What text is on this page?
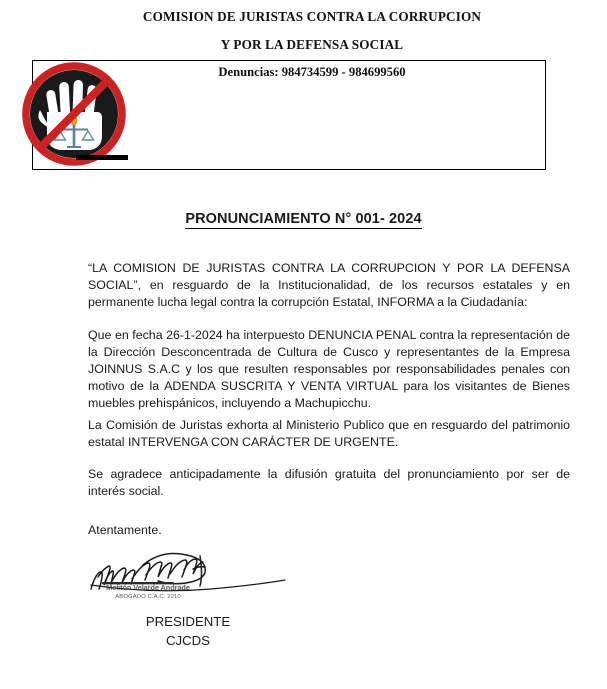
COMISION DE JURISTAS CONTRA LA CORRUPCION
Y POR LA DEFENSA SOCIAL
Denuncias: 984734599 - 984699560
PRONUNCIAMIENTO N° 001- 2024

“LA COMISION DE JURISTAS CONTRA LA CORRUPCION Y POR LA DEFENSA SOCIAL”, en resguardo de la Institucionalidad, de los recursos estatales y en permanente lucha legal contra la corrupción Estatal, INFORMA a la Ciudadanía:

Que en fecha 26-1-2024 ha interpuesto DENUNCIA PENAL contra la representación de la Dirección Desconcentrada de Cultura de Cusco y representantes de la Empresa JOINNUS S.A.C y los que resulten responsables por responsabilidades penales con motivo de la ADENDA SUSCRITA Y VENTA VIRTUAL para los visitantes de Bienes muebles prehispánicos, incluyendo a Machupicchu.

La Comisión de Juristas exhorta al Ministerio Publico que en resguardo del patrimonio estatal INTERVENGA CON CARÁCTER DE URGENTE.

Se agradece anticipadamente la difusión gratuita del pronunciamiento por ser de interés social.

Atentamente.
Melitón Velarde Andrade
ABOGADO C.A.C. 2210
PRESIDENTE
CJCDS
